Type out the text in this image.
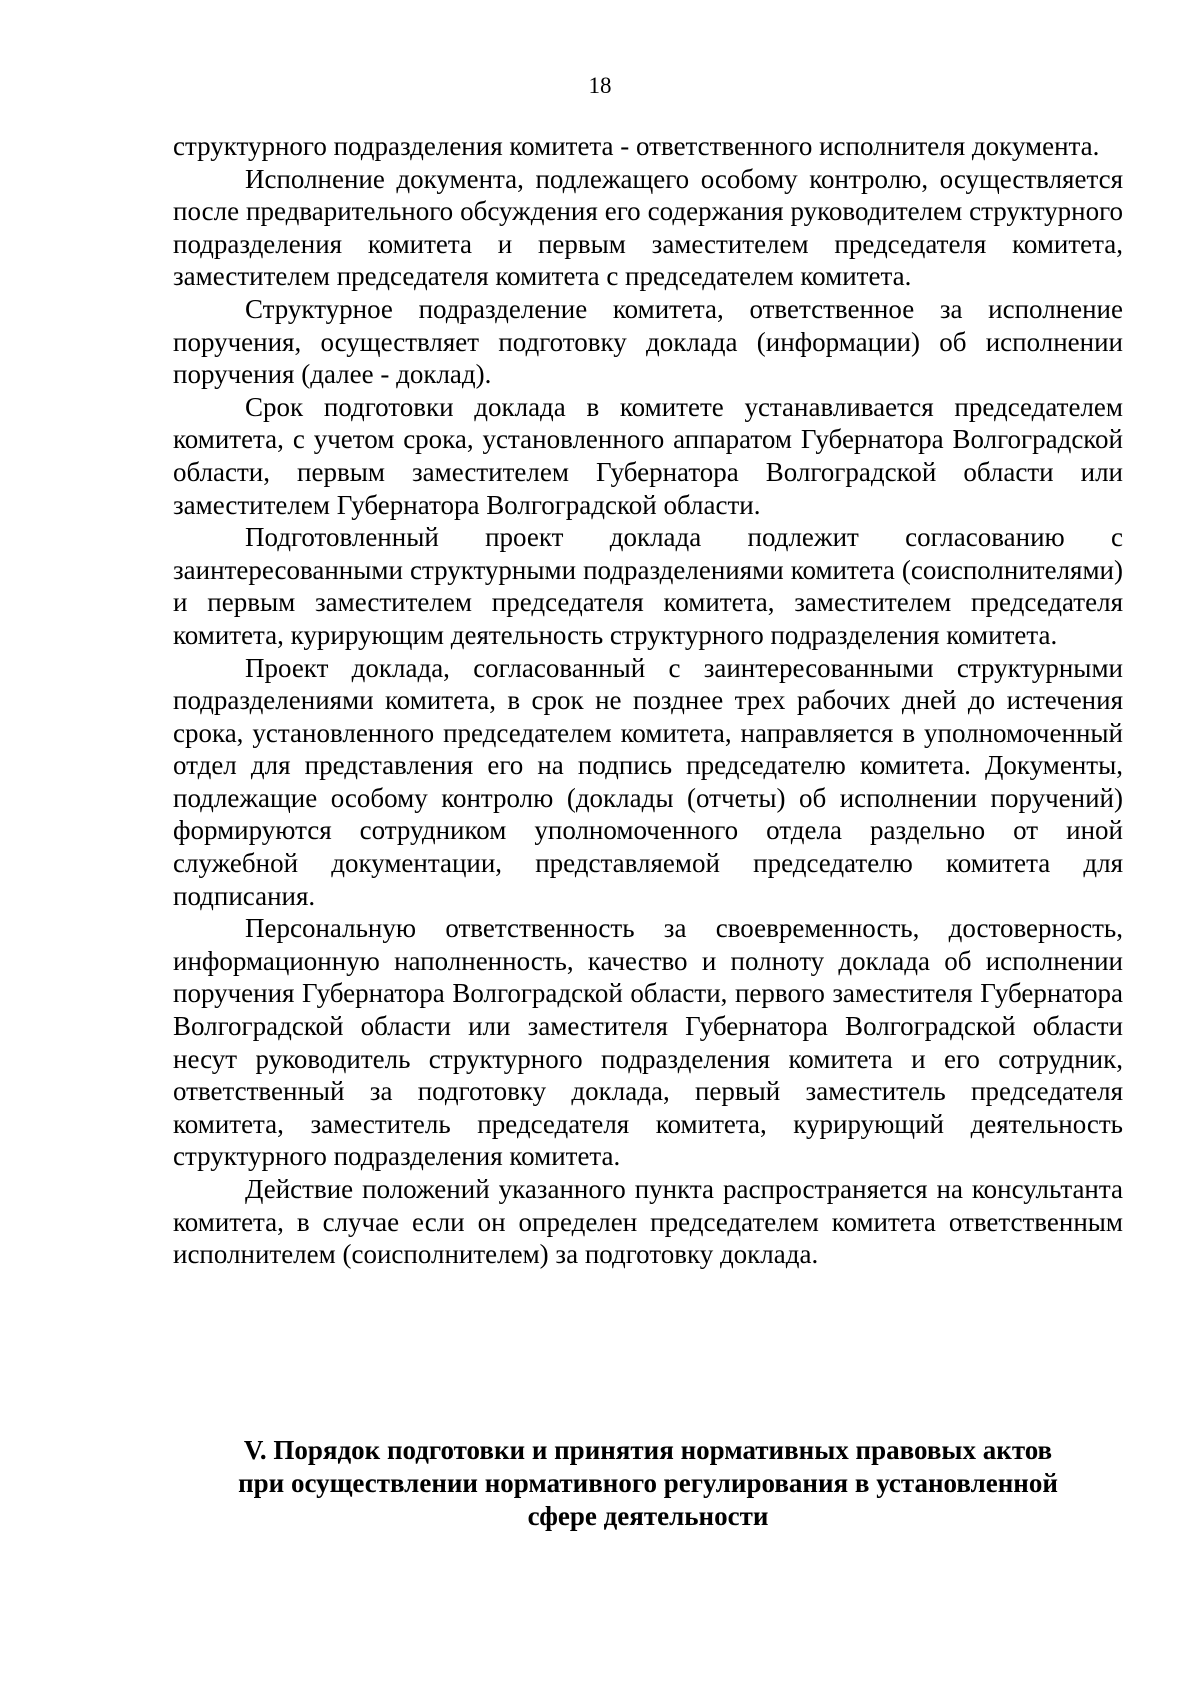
18

структурного подразделения комитета - ответственного исполнителя документа.

Исполнение документа, подлежащего особому контролю, осуществляется после предварительного обсуждения его содержания руководителем структурного подразделения комитета и первым заместителем председателя комитета, заместителем председателя комитета с председателем комитета.

Структурное подразделение комитета, ответственное за исполнение поручения, осуществляет подготовку доклада (информации) об исполнении поручения (далее - доклад).

Срок подготовки доклада в комитете устанавливается председателем комитета, с учетом срока, установленного аппаратом Губернатора Волгоградской области, первым заместителем Губернатора Волгоградской области или заместителем Губернатора Волгоградской области.

Подготовленный проект доклада подлежит согласованию с заинтересованными структурными подразделениями комитета (соисполнителями) и первым заместителем председателя комитета, заместителем председателя комитета, курирующим деятельность структурного подразделения комитета.

Проект доклада, согласованный с заинтересованными структурными подразделениями комитета, в срок не позднее трех рабочих дней до истечения срока, установленного председателем комитета, направляется в уполномоченный отдел для представления его на подпись председателю комитета. Документы, подлежащие особому контролю (доклады (отчеты) об исполнении поручений) формируются сотрудником уполномоченного отдела раздельно от иной служебной документации, представляемой председателю комитета для подписания.

Персональную ответственность за своевременность, достоверность, информационную наполненность, качество и полноту доклада об исполнении поручения Губернатора Волгоградской области, первого заместителя Губернатора Волгоградской области или заместителя Губернатора Волгоградской области несут руководитель структурного подразделения комитета и его сотрудник, ответственный за подготовку доклада, первый заместитель председателя комитета, заместитель председателя комитета, курирующий деятельность структурного подразделения комитета.

Действие положений указанного пункта распространяется на консультанта комитета, в случае если он определен председателем комитета ответственным исполнителем (соисполнителем) за подготовку доклада.

V. Порядок подготовки и принятия нормативных правовых актов
при осуществлении нормативного регулирования в установленной
сфере деятельности
